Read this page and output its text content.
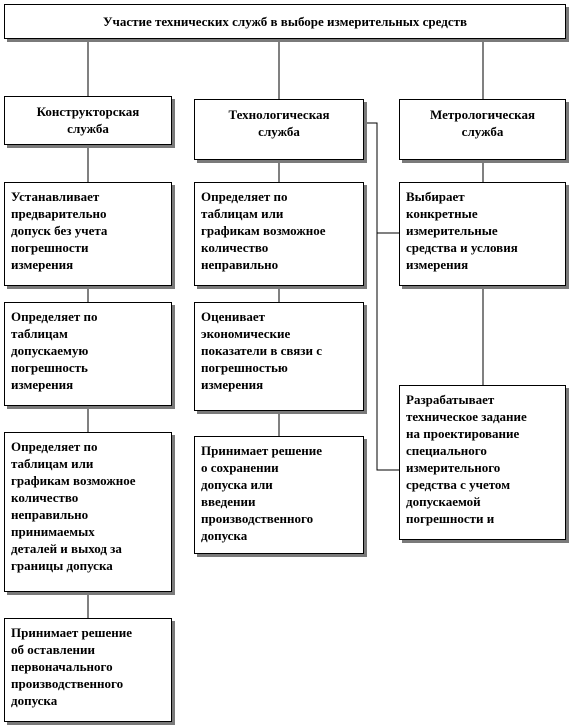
Участие технических служб в выборе измерительных средств
Конструкторская
служба
Технологическая
служба
Метрологическая
служба
Устанавливает
предварительно
допуск без учета
погрешности
измерения
Определяет по
таблицам
допускаемую
погрешность
измерения
Определяет по
таблицам или
графикам возможное
количество
неправильно
принимаемых
деталей и выход за
границы допуска
Принимает решение
об оставлении
первоначального
производственного
допуска
Определяет по
таблицам или
графикам возможное
количество
неправильно
Оценивает
экономические
показатели в связи с
погрешностью
измерения
Принимает решение
о сохранении
допуска или
введении
производственного
допуска
Выбирает
конкретные
измерительные
средства и условия
измерения
Разрабатывает
техническое задание
на проектирование
специального
измерительного
средства с учетом
допускаемой
погрешности и
